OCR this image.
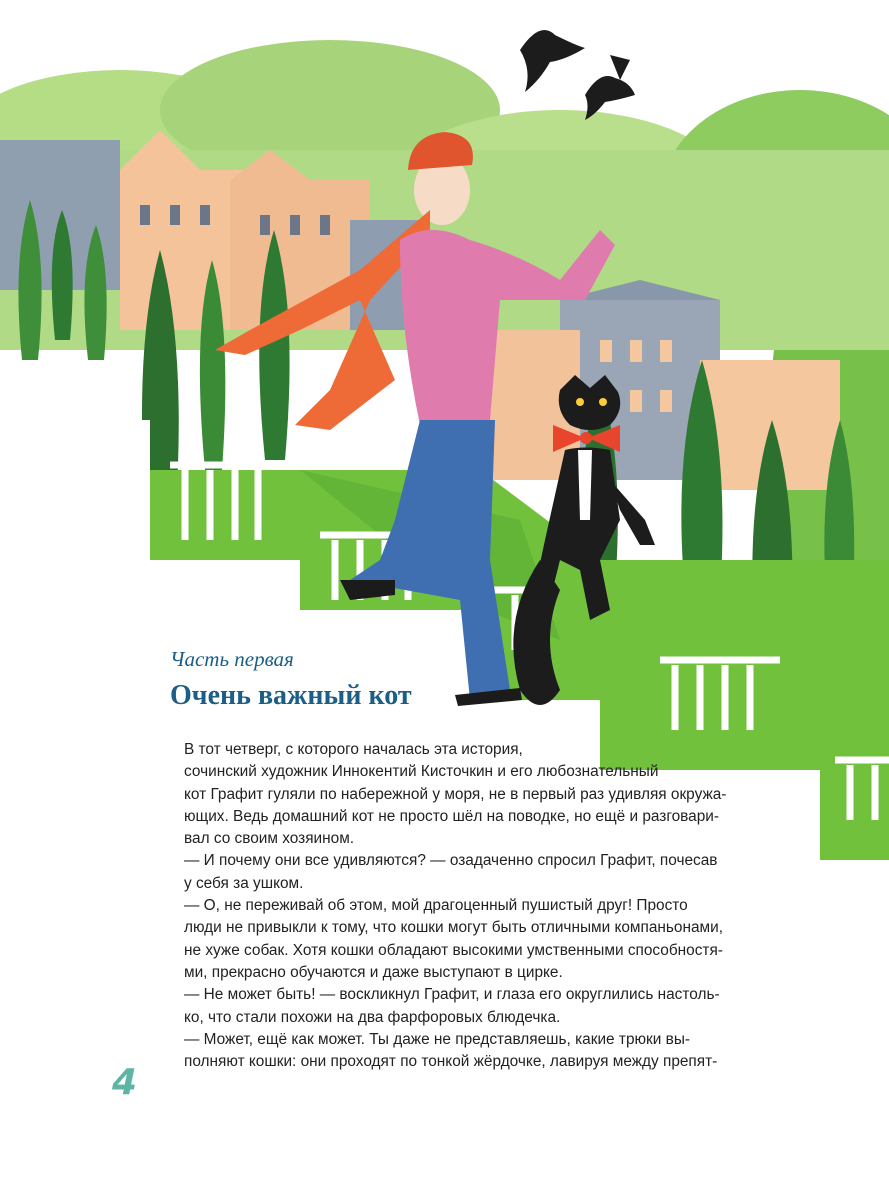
Часть первая
Очень важный кот

В тот четверг, с которого началась эта история,
сочинский художник Иннокентий Кисточкин и его любознательный
кот Графит гуляли по набережной у моря, не в первый раз удивляя окружа-
ющих. Ведь домашний кот не просто шёл на поводке, но ещё и разговари-
вал со своим хозяином.

— И почему они все удивляются? — озадаченно спросил Графит, почесав
у себя за ушком.

— О, не переживай об этом, мой драгоценный пушистый друг! Просто
люди не привыкли к тому, что кошки могут быть отличными компаньонами,
не хуже собак. Хотя кошки обладают высокими умственными способностя-
ми, прекрасно обучаются и даже выступают в цирке.

— Не может быть! — воскликнул Графит, и глаза его округлились настоль-
ко, что стали похожи на два фарфоровых блюдечка.

— Может, ещё как может. Ты даже не представляешь, какие трюки вы-
полняют кошки: они проходят по тонкой жёрдочке, лавируя между препят-

4
